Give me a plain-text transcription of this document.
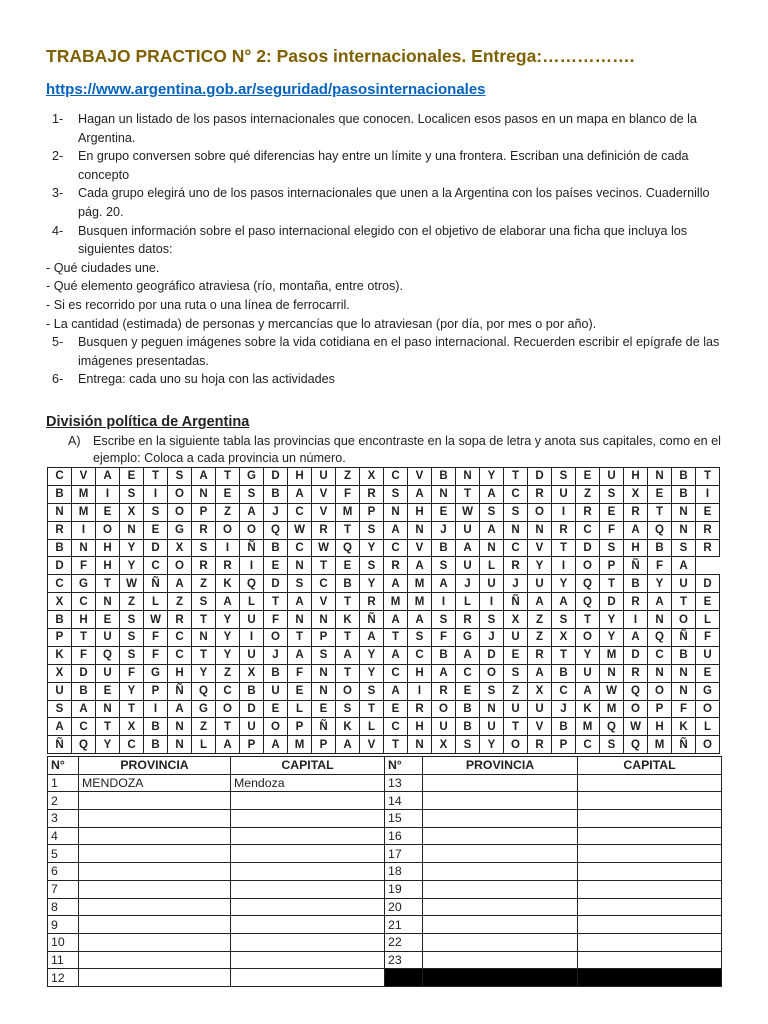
TRABAJO PRACTICO N° 2: Pasos internacionales. Entrega:…………….
https://www.argentina.gob.ar/seguridad/pasosinternacionales
1-	Hagan un listado de los pasos internacionales que conocen. Localicen esos pasos en un mapa en blanco de la Argentina.
2-	En grupo conversen sobre qué diferencias hay entre un límite y una frontera. Escriban una definición de cada concepto
3-	Cada grupo elegirá uno de los pasos internacionales que unen a la Argentina con los países vecinos. Cuadernillo pág. 20.
4-	Busquen información sobre el paso internacional elegido con el objetivo de elaborar una ficha que incluya los siguientes datos:
- Qué ciudades une.
- Qué elemento geográfico atraviesa (río, montaña, entre otros).
- Si es recorrido por una ruta o una línea de ferrocarril.
- La cantidad (estimada) de personas y mercancías que lo atraviesan (por día, por mes o por año).
5-	Busquen y peguen imágenes sobre la vida cotidiana en el paso internacional. Recuerden escribir el epígrafe de las imágenes presentadas.
6-	Entrega: cada uno su hoja con las actividades
División política de Argentina
A) Escribe en la siguiente tabla las provincias que encontraste en la sopa de letra y anota sus capitales, como en el ejemplo: Coloca a cada provincia un número.
C	V	A	E	T	S	A	T	G	D	H	U	Z	X	C	V	B	N	Y	T	D	S	E	U	H	N	B	T
B	M	I	S	I	O	N	E	S	B	A	V	F	R	S	A	N	T	A	C	R	U	Z	S	X	E	B	I
N	M	E	X	S	O	P	Z	A	J	C	V	M	P	N	H	E	W	S	S	O	I	R	E	R	T	N	E
R	I	O	N	E	G	R	O	O	Q	W	R	T	S	A	N	J	U	A	N	N	R	C	F	A	Q	N	R
B	N	H	Y	D	X	S	I	Ñ	B	C	W	Q	Y	C	V	B	A	N	C	V	T	D	S	H	B	S	R
D	F	H	Y	C	O	R	R	I	E	N	T	E	S	R	A	S	U	L	R	Y	I	O	P	Ñ	F	A	
C	G	T	W	Ñ	A	Z	K	Q	D	S	C	B	Y	A	M	A	J	U	J	U	Y	Q	T	B	Y	U	D
X	C	N	Z	L	Z	S	A	L	T	A	V	T	R	M	M	I	L	I	Ñ	A	A	Q	D	R	A	T	E
B	H	E	S	W	R	T	Y	U	F	N	N	K	Ñ	A	A	S	R	S	X	Z	S	T	Y	I	N	O	L
P	T	U	S	F	C	N	Y	I	O	T	P	T	A	T	S	F	G	J	U	Z	X	O	Y	A	Q	Ñ	F
K	F	Q	S	F	C	T	Y	U	J	A	S	A	Y	A	C	B	A	D	E	R	T	Y	M	D	C	B	U
X	D	U	F	G	H	Y	Z	X	B	F	N	T	Y	C	H	A	C	O	S	A	B	U	N	R	N	N	E
U	B	E	Y	P	Ñ	Q	C	B	U	E	N	O	S	A	I	R	E	S	Z	X	C	A	W	Q	O	N	G
S	A	N	T	I	A	G	O	D	E	L	E	S	T	E	R	O	B	N	U	U	J	K	M	O	P	F	O
A	C	T	X	B	N	Z	T	U	O	P	Ñ	K	L	C	H	U	B	U	T	V	B	M	Q	W	H	K	L
Ñ	Q	Y	C	B	N	L	A	P	A	M	P	A	V	T	N	X	S	Y	O	R	P	C	S	Q	M	Ñ	O
N°	PROVINCIA	CAPITAL	N°	PROVINCIA	CAPITAL
1	MENDOZA	Mendoza	13		
2			14		
3			15		
4			16		
5			17		
6			18		
7			19		
8			20		
9			21		
10			22		
11			23		
12					
